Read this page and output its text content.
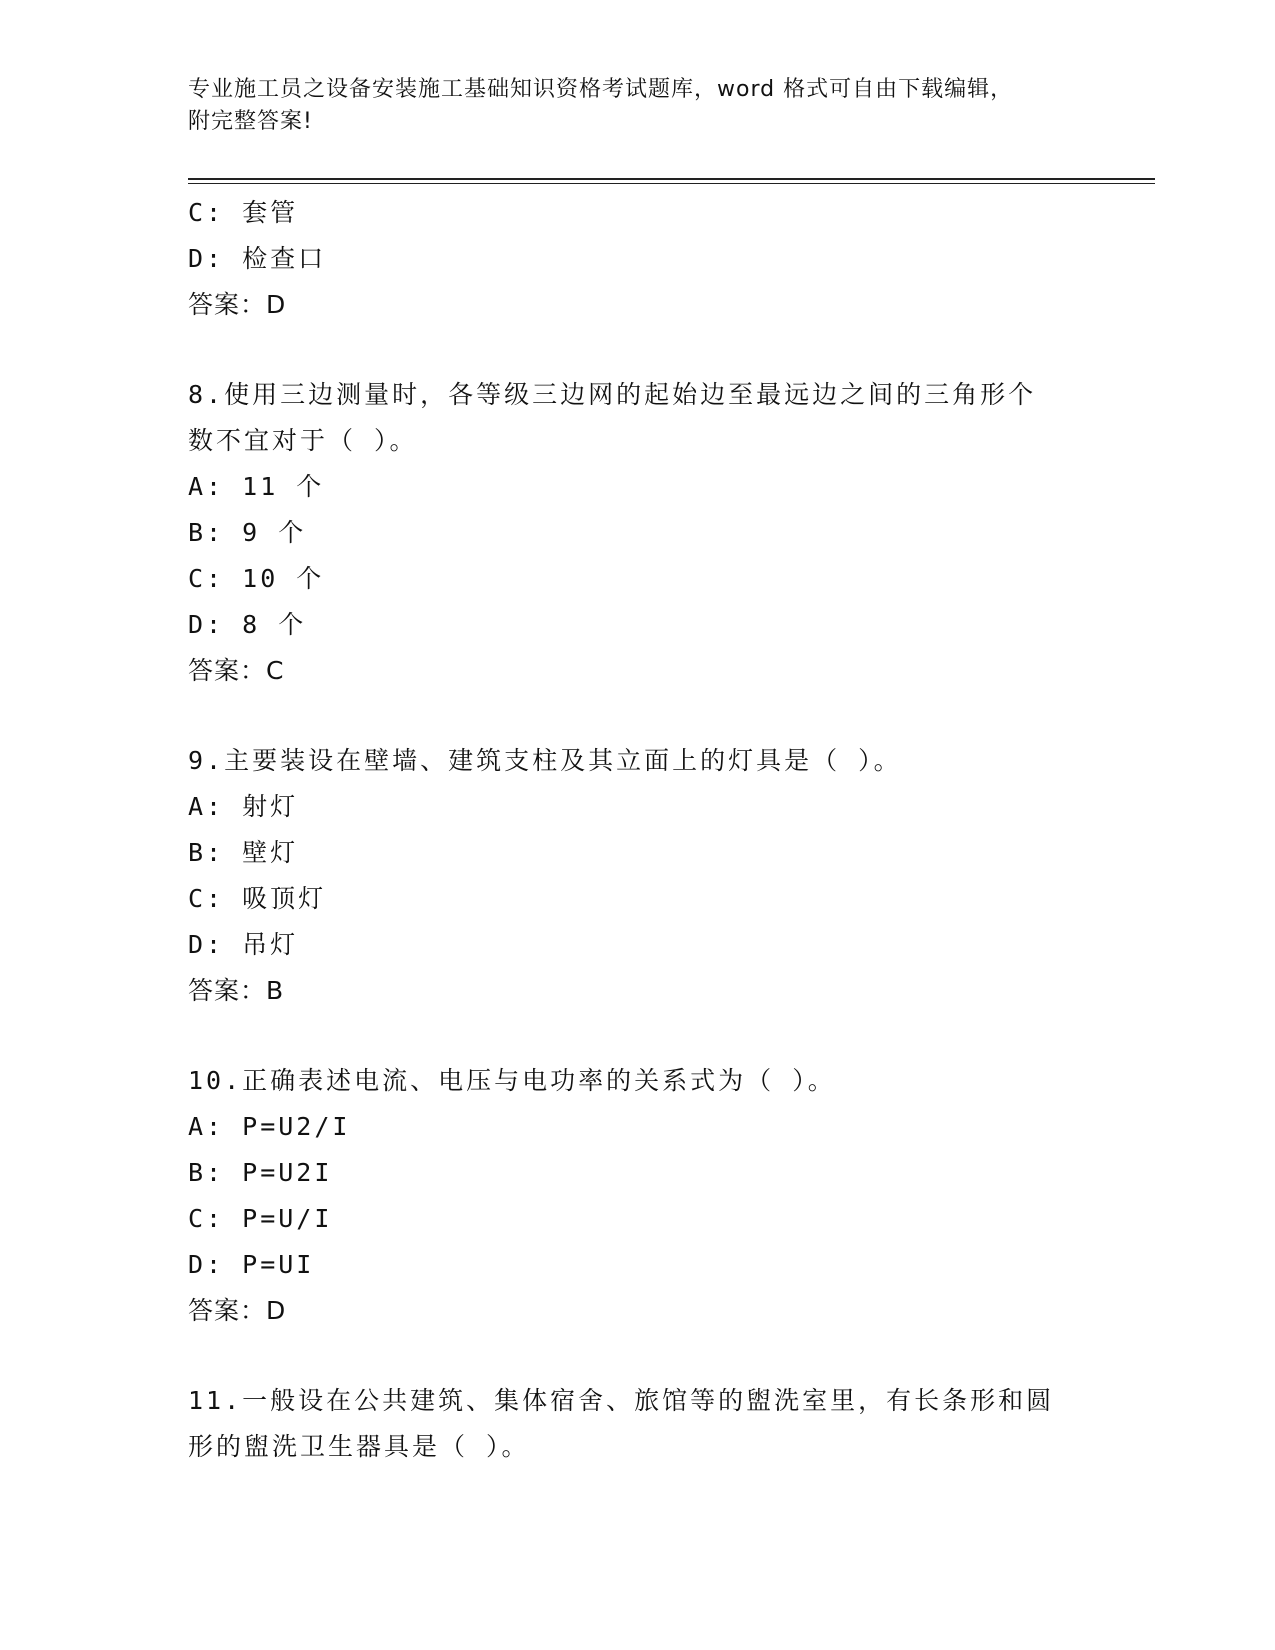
专业施工员之设备安装施工基础知识资格考试题库，word 格式可自由下载编辑，
附完整答案!
C: 套管
D: 检查口
答案：D
8.使用三边测量时，各等级三边网的起始边至最远边之间的三角形个
数不宜对于（ ）。
A: 11 个
B: 9 个
C: 10 个
D: 8 个
答案：C
9.主要装设在壁墙、建筑支柱及其立面上的灯具是（ ）。
A: 射灯
B: 壁灯
C: 吸顶灯
D: 吊灯
答案：B
10.正确表述电流、电压与电功率的关系式为（ ）。
A: P=U2/I
B: P=U2I
C: P=U/I
D: P=UI
答案：D
11.一般设在公共建筑、集体宿舍、旅馆等的盥洗室里，有长条形和圆
形的盥洗卫生器具是（ ）。
